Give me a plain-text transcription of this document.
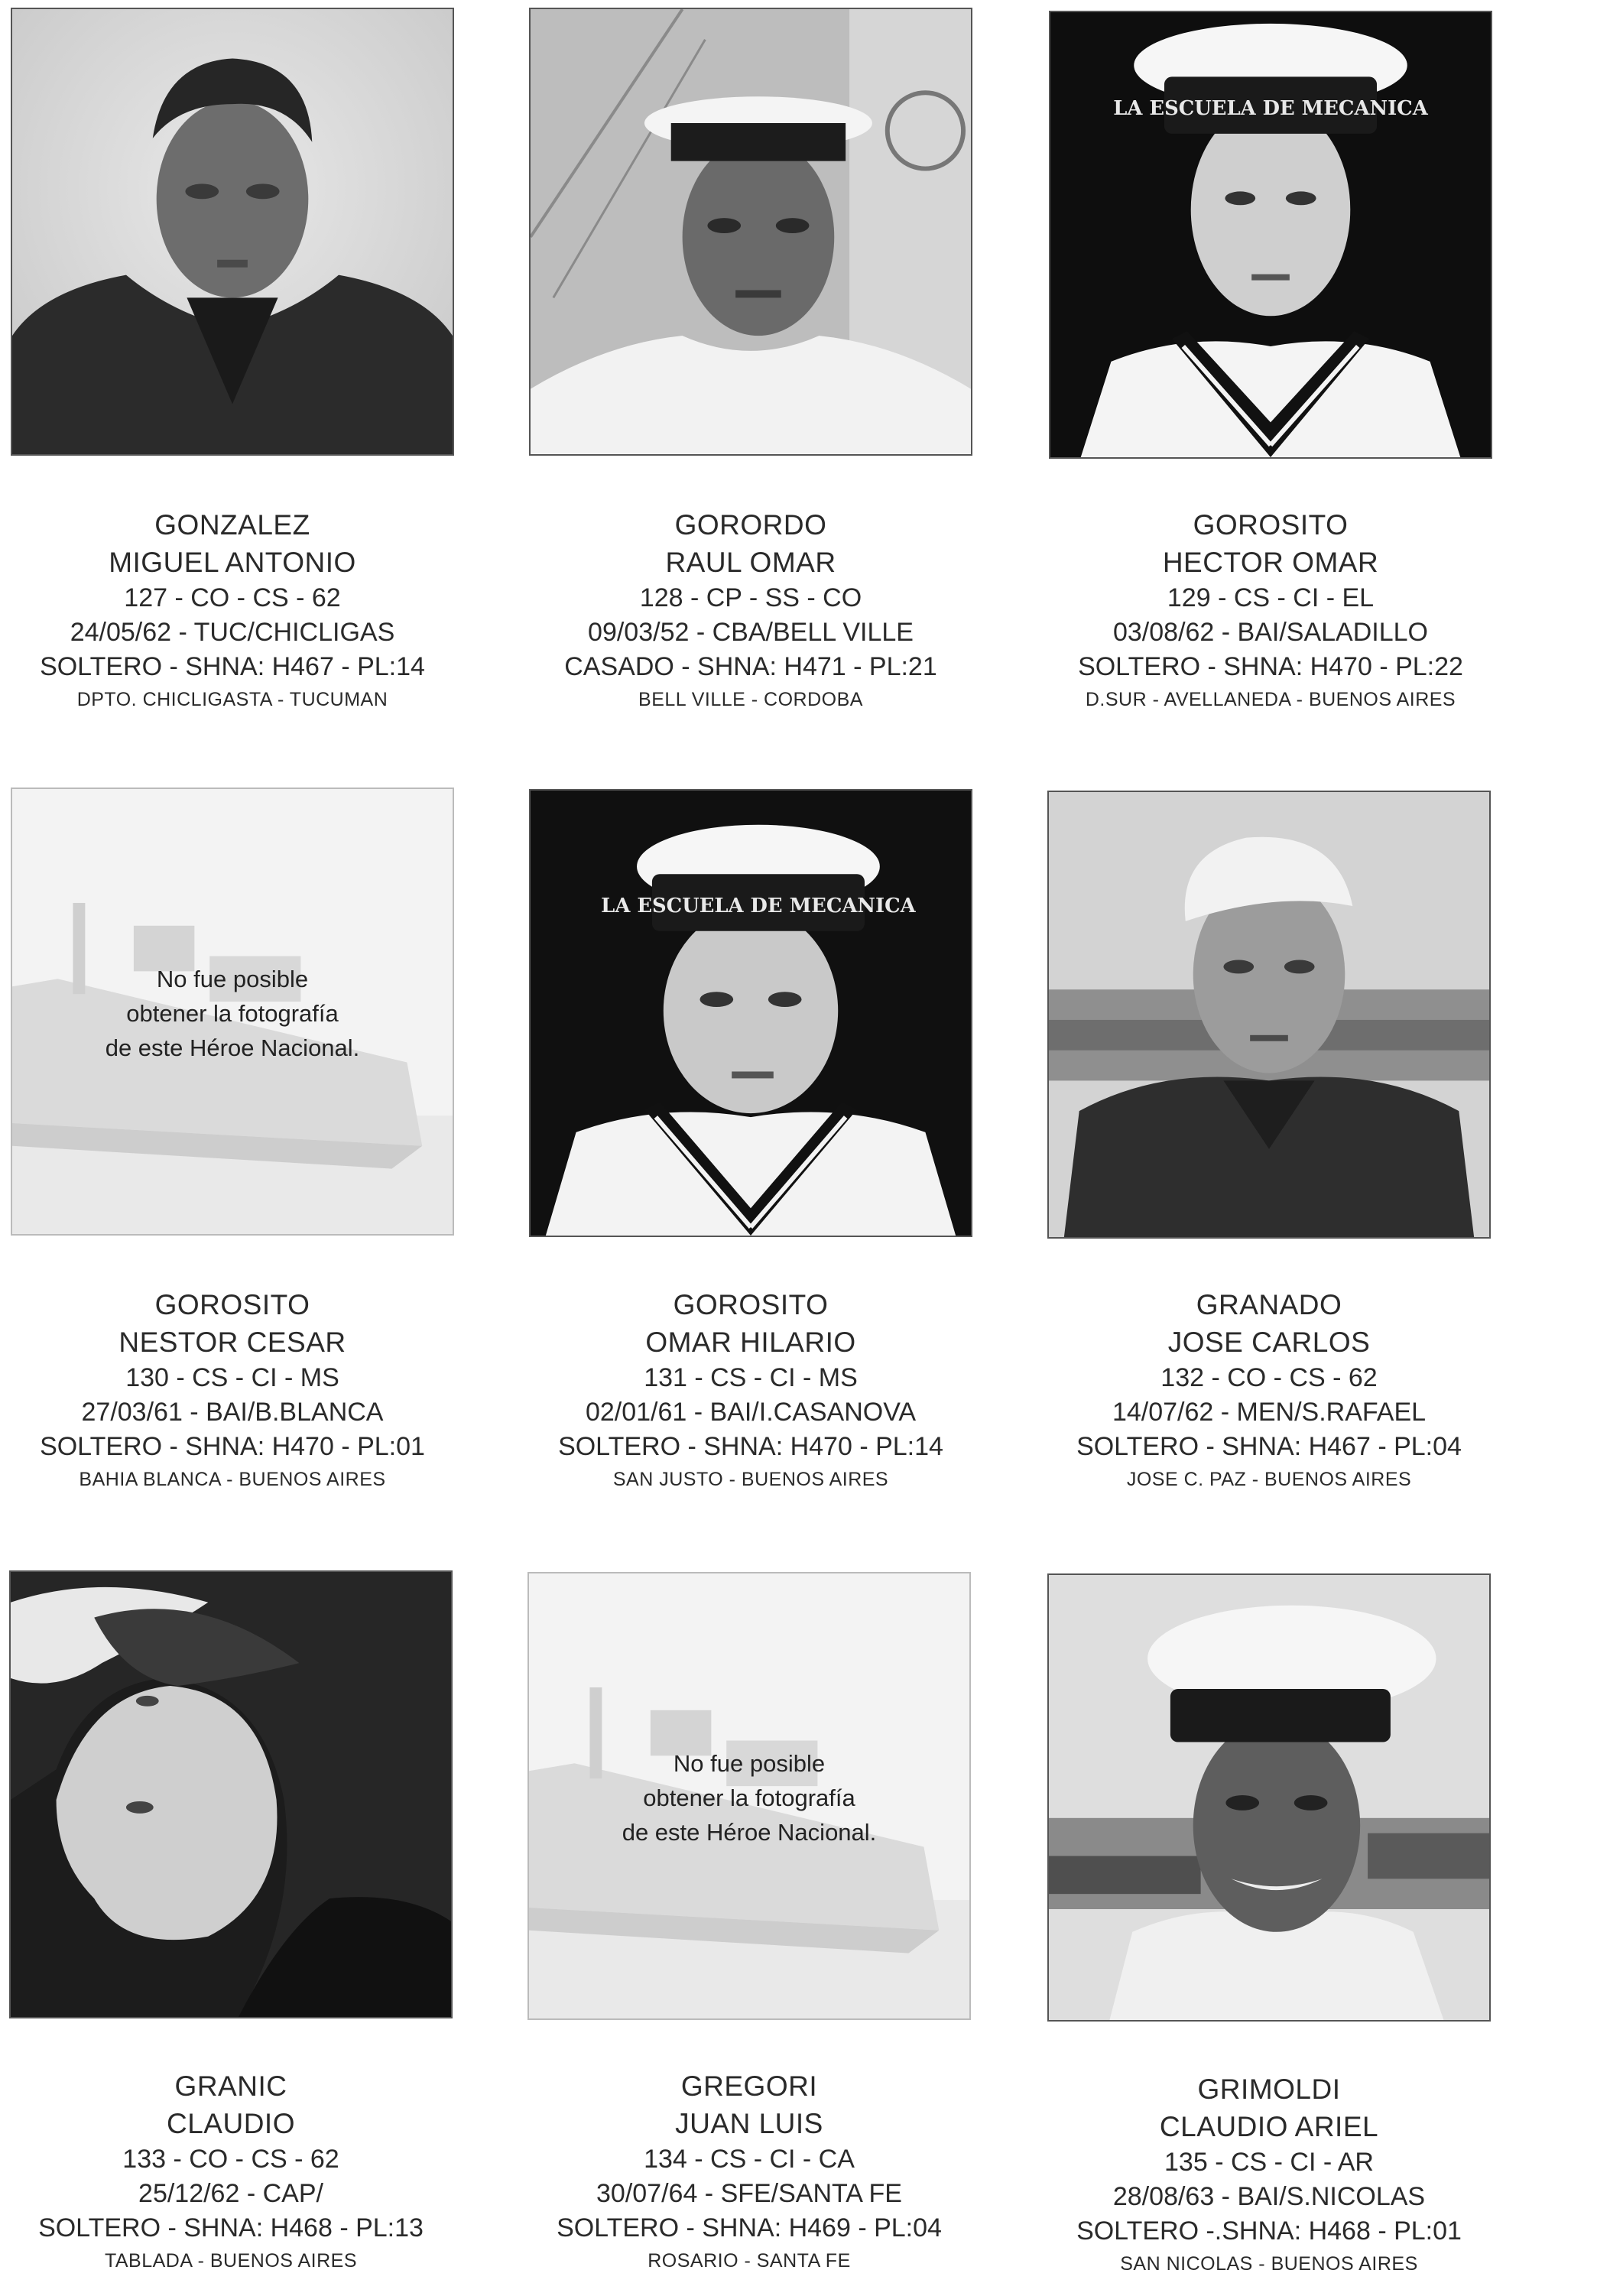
GONZALEZ
MIGUEL ANTONIO
127 - CO - CS - 62
24/05/62 - TUC/CHICLIGAS
SOLTERO - SHNA: H467 - PL:14
DPTO. CHICLIGASTA - TUCUMAN
GORORDO
RAUL OMAR
128 - CP - SS - CO
09/03/52 - CBA/BELL VILLE
CASADO - SHNA: H471 - PL:21
BELL VILLE - CORDOBA
LA ESCUELA DE MECANICA
GOROSITO
HECTOR OMAR
129 - CS - CI - EL
03/08/62 - BAI/SALADILLO
SOLTERO - SHNA: H470 - PL:22
D.SUR - AVELLANEDA - BUENOS AIRES
No fue posible
obtener la fotografía
de este Héroe Nacional.
GOROSITO
NESTOR CESAR
130 - CS - CI - MS
27/03/61 - BAI/B.BLANCA
SOLTERO - SHNA: H470 - PL:01
BAHIA BLANCA - BUENOS AIRES
LA ESCUELA DE MECANICA
GOROSITO
OMAR HILARIO
131 - CS - CI - MS
02/01/61 - BAI/I.CASANOVA
SOLTERO - SHNA: H470 - PL:14
SAN JUSTO - BUENOS AIRES
GRANADO
JOSE CARLOS
132 - CO - CS - 62
14/07/62 - MEN/S.RAFAEL
SOLTERO - SHNA: H467 - PL:04
JOSE C. PAZ - BUENOS AIRES
GRANIC
CLAUDIO
133 - CO - CS - 62
25/12/62 - CAP/
SOLTERO - SHNA: H468 - PL:13
TABLADA - BUENOS AIRES
No fue posible
obtener la fotografía
de este Héroe Nacional.
GREGORI
JUAN LUIS
134 - CS - CI - CA
30/07/64 - SFE/SANTA FE
SOLTERO - SHNA: H469 - PL:04
ROSARIO - SANTA FE
GRIMOLDI
CLAUDIO ARIEL
135 - CS - CI - AR
28/08/63 - BAI/S.NICOLAS
SOLTERO -.SHNA: H468 - PL:01
SAN NICOLAS - BUENOS AIRES
